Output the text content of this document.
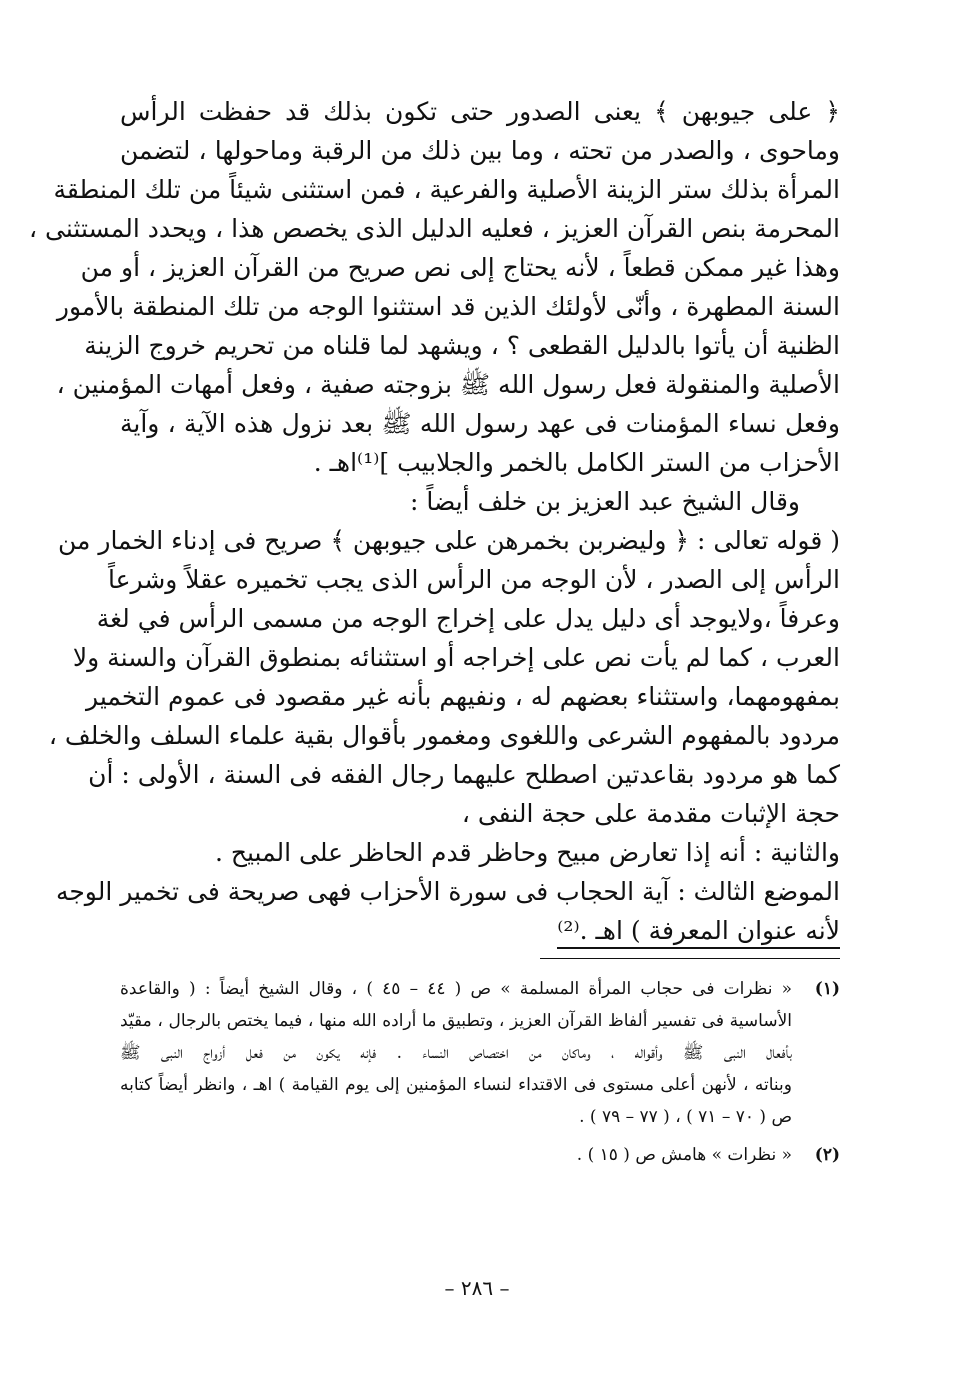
﴿ على جيوبهن ﴾ يعنى الصدور حتى تكون بذلك قد حفظت الرأس
وماحوى ، والصدر من تحته ، وما بين ذلك من الرقبة وماحولها ، لتضمن
المرأة بذلك ستر الزينة الأصلية والفرعية ، فمن استثنى شيئاً من تلك المنطقة
المحرمة بنص القرآن العزيز ، فعليه الدليل الذى يخصص هذا ، ويحدد المستثنى ،
وهذا غير ممكن قطعاً ، لأنه يحتاج إلى نص صريح من القرآن العزيز ، أو من
السنة المطهرة ، وأنّى لأولئك الذين قد استثنوا الوجه من تلك المنطقة بالأمور
الظنية أن يأتوا بالدليل القطعى ؟ ، ويشهد لما قلناه من تحريم خروج الزينة
الأصلية والمنقولة فعل رسول الله ﷺ بزوجته صفية ، وفعل أمهات المؤمنين ،
وفعل نساء المؤمنات فى عهد رسول الله ﷺ بعد نزول هذه الآية ، وآية
الأحزاب من الستر الكامل بالخمر والجلابيب ]⁽¹⁾اهـ .
وقال الشيخ عبد العزيز بن خلف أيضاً :
( قوله تعالى : ﴿ وليضربن بخمرهن على جيوبهن ﴾ صريح فى إدناء الخمار من
الرأس إلى الصدر ، لأن الوجه من الرأس الذى يجب تخميره عقلاً وشرعاً
وعرفاً ،ولايوجد أى دليل يدل على إخراج الوجه من مسمى الرأس في لغة
العرب ، كما لم يأت نص على إخراجه أو استثنائه بمنطوق القرآن والسنة ولا
بمفهومهما، واستثناء بعضهم له ، ونفيهم بأنه غير مقصود فى عموم التخمير
مردود بالمفهوم الشرعى واللغوى ومغمور بأقوال بقية علماء السلف والخلف ،
كما هو مردود بقاعدتين اصطلح عليهما رجال الفقه فى السنة ، الأولى : أن
حجة الإثبات مقدمة على حجة النفى ،
والثانية : أنه إذا تعارض مبيح وحاظر قدم الحاظر على المبيح .
الموضع الثالث : آية الحجاب فى سورة الأحزاب فهى صريحة فى تخمير الوجه
لأنه عنوان المعرفة ) اهـ .⁽²⁾
(١)
« نظرات فى حجاب المرأة المسلمة » ص ( ٤٤ – ٤٥ ) ، وقال الشيخ أيضاً : ( والقاعدة
الأساسية فى تفسير ألفاظ القرآن العزيز ، وتطبيق ما أراده الله منها ، فيما يختص بالرجال ، مقيّد
بأفعال النبى ﷺ وأقواله ، وماكان من اختصاص النساء . فإنه يكون من فعل أزواج النبى ﷺ
وبناته ، لأنهن أعلى مستوى فى الاقتداء لنساء المؤمنين إلى يوم القيامة ) اهـ ، وانظر أيضاً كتابه
ص ( ٧٠ – ٧١ ) ، ( ٧٧ – ٧٩ ) .
(٢)
« نظرات » هامش ص ( ١٥ ) .
– ٢٨٦ –
